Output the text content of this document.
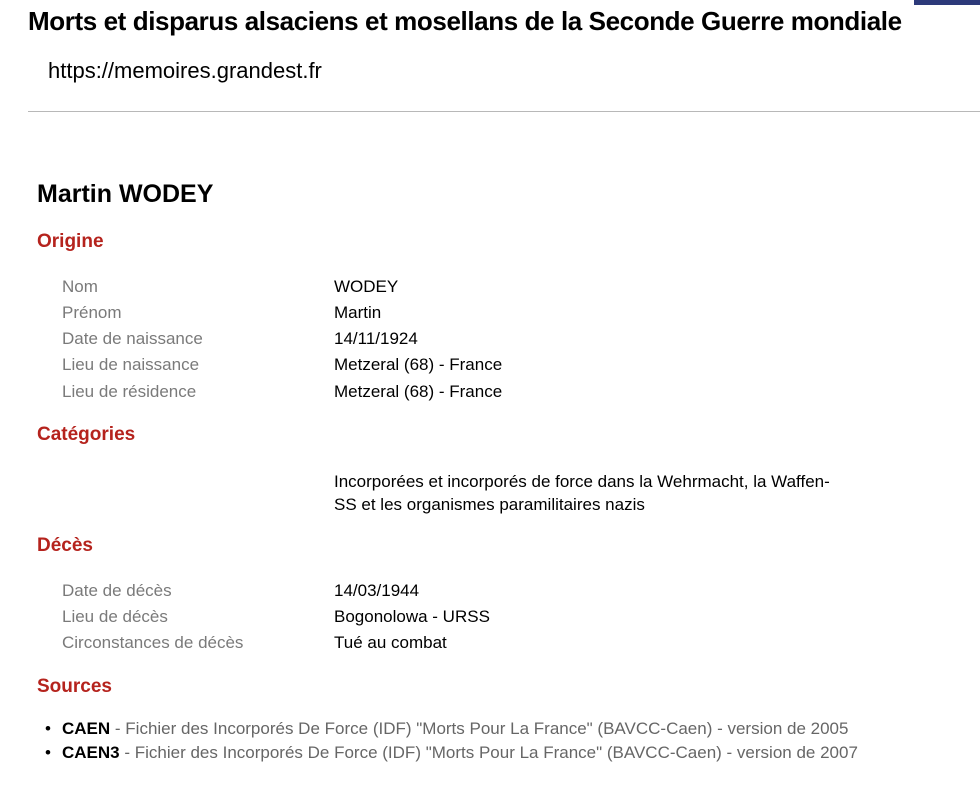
Morts et disparus alsaciens et mosellans de la Seconde Guerre mondiale
https://memoires.grandest.fr
Martin WODEY
Origine
Nom	WODEY
Prénom	Martin
Date de naissance	14/11/1924
Lieu de naissance	Metzeral (68) - France
Lieu de résidence	Metzeral (68) - France
Catégories
Incorporées et incorporés de force dans la Wehrmacht, la Waffen-
SS et les organismes paramilitaires nazis
Décès
Date de décès	14/03/1944
Lieu de décès	Bogonolowa - URSS
Circonstances de décès	Tué au combat
Sources
• CAEN - Fichier des Incorporés De Force (IDF) "Morts Pour La France" (BAVCC-Caen) - version de 2005
• CAEN3 - Fichier des Incorporés De Force (IDF) "Morts Pour La France" (BAVCC-Caen) - version de 2007
